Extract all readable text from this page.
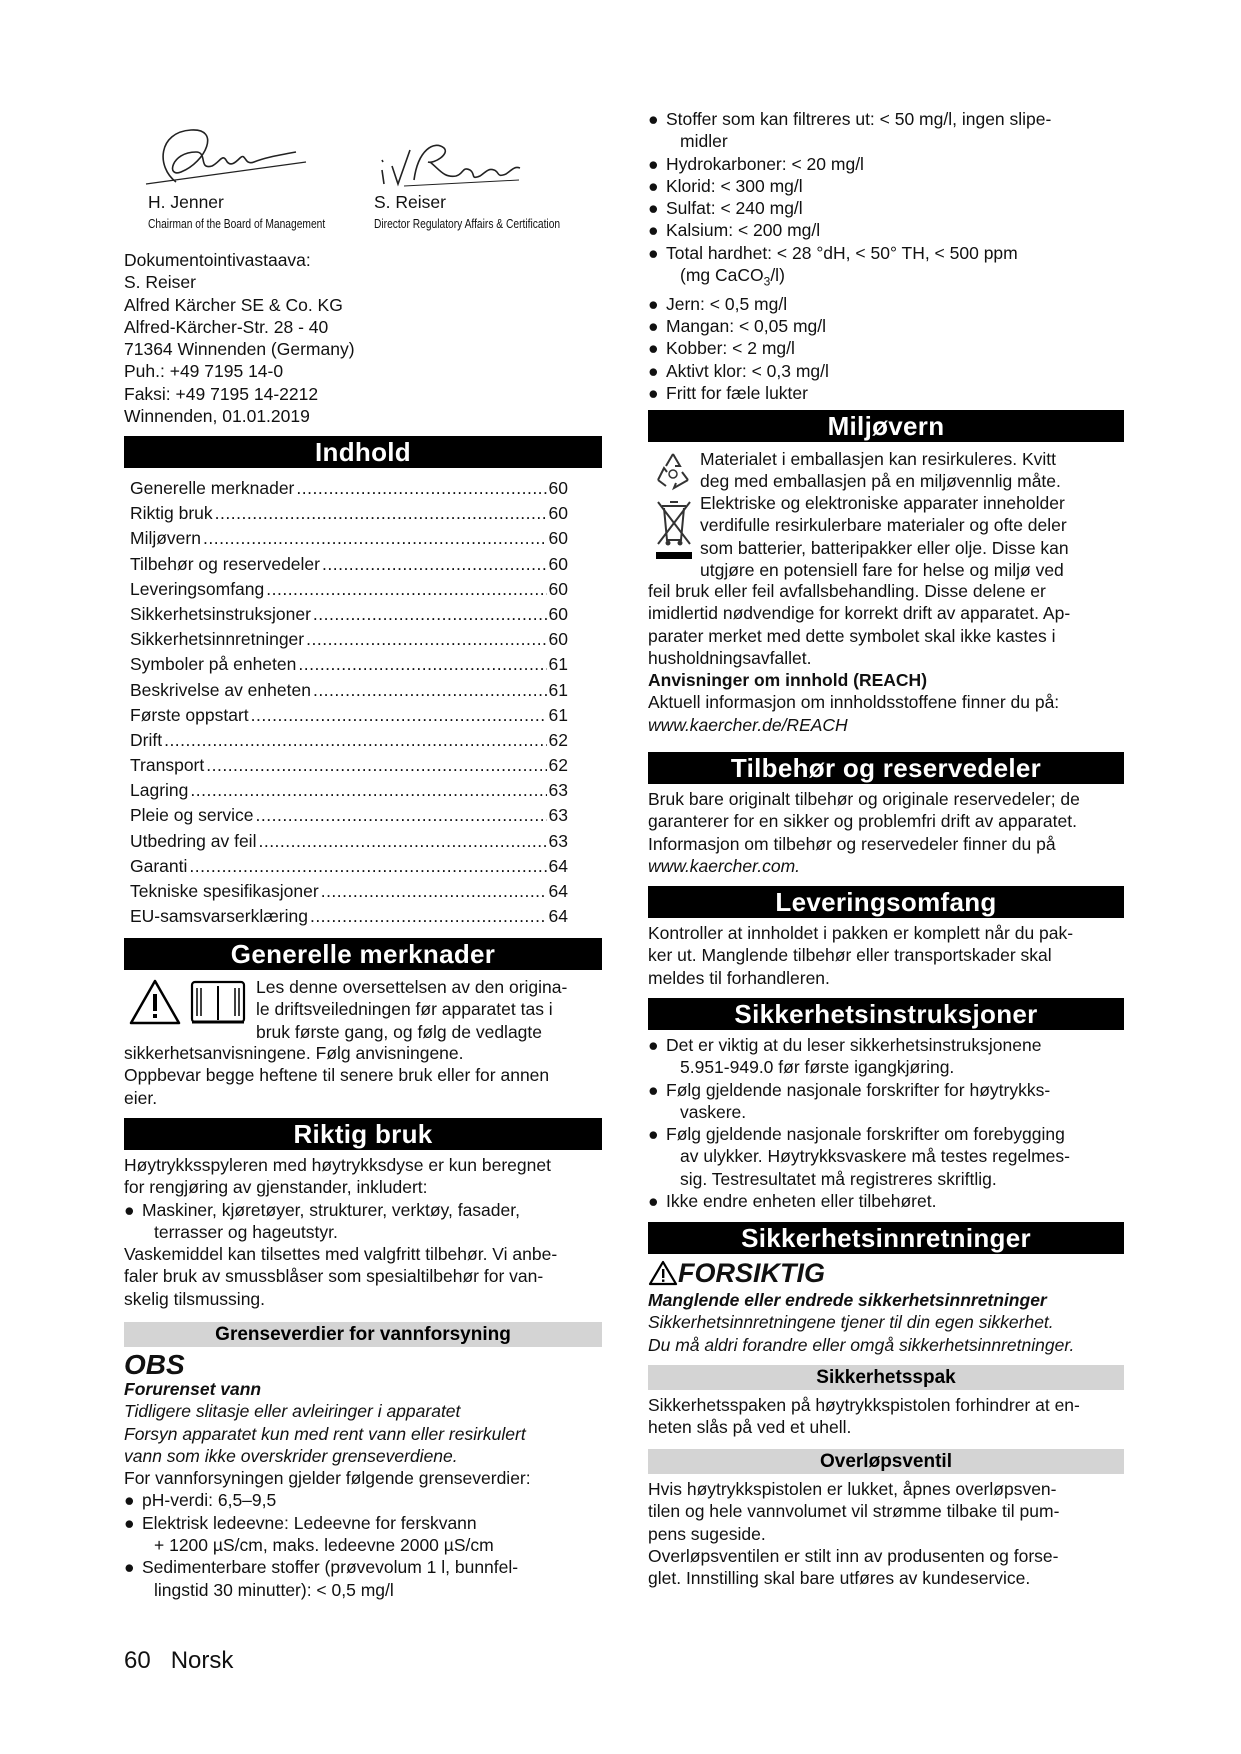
H. Jenner
Chairman of the Board of Management
S. Reiser
Director Regulatory Affairs & Certification
Dokumentointivastaava:
S. Reiser
Alfred Kärcher SE & Co. KG
Alfred-Kärcher-Str. 28 - 40
71364 Winnenden (Germany)
Puh.: +49 7195 14-0
Faksi: +49 7195 14-2212
Winnenden, 01.01.2019
Indhold
Generelle merknader .....	60
Riktig bruk .....	60
Miljøvern .....	60
Tilbehør og reservedeler .....	60
Leveringsomfang .....	60
Sikkerhetsinstruksjoner .....	60
Sikkerhetsinnretninger .....	60
Symboler på enheten .....	61
Beskrivelse av enheten .....	61
Første oppstart .....	61
Drift .....	62
Transport .....	62
Lagring .....	63
Pleie og service .....	63
Utbedring av feil .....	63
Garanti .....	64
Tekniske spesifikasjoner .....	64
EU-samsvarserklæring .....	64
Generelle merknader
Les denne oversettelsen av den origina-
le driftsveiledningen før apparatet tas i
bruk første gang, og følg de vedlagte
sikkerhetsanvisningene. Følg anvisningene.
Oppbevar begge heftene til senere bruk eller for annen
eier.
Riktig bruk
Høytrykksspyleren med høytrykksdyse er kun beregnet
for rengjøring av gjenstander, inkludert:
● Maskiner, kjøretøyer, strukturer, verktøy, fasader,
terrasser og hageutstyr.
Vaskemiddel kan tilsettes med valgfritt tilbehør. Vi anbe-
faler bruk av smussblåser som spesialtilbehør for van-
skelig tilsmussing.
Grenseverdier for vannforsyning
OBS
Forurenset vann
Tidligere slitasje eller avleiringer i apparatet
Forsyn apparatet kun med rent vann eller resirkulert
vann som ikke overskrider grenseverdiene.
For vannforsyningen gjelder følgende grenseverdier:
● pH-verdi: 6,5–9,5
● Elektrisk ledeevne: Ledeevne for ferskvann
+ 1200 µS/cm, maks. ledeevne 2000 µS/cm
● Sedimenterbare stoffer (prøvevolum 1 l, bunnfel-
lingstid 30 minutter): < 0,5 mg/l
● Stoffer som kan filtreres ut: < 50 mg/l, ingen slipe-
midler
● Hydrokarboner: < 20 mg/l
● Klorid: < 300 mg/l
● Sulfat: < 240 mg/l
● Kalsium: < 200 mg/l
● Total hardhet: < 28 °dH, < 50° TH, < 500 ppm
(mg CaCO$_3$/l)
● Jern: < 0,5 mg/l
● Mangan: < 0,05 mg/l
● Kobber: < 2 mg/l
● Aktivt klor: < 0,3 mg/l
● Fritt for fæle lukter
Miljøvern
Materialet i emballasjen kan resirkuleres. Kvitt
deg med emballasjen på en miljøvennlig måte.
Elektriske og elektroniske apparater inneholder
verdifulle resirkulerbare materialer og ofte deler
som batterier, batteripakker eller olje. Disse kan
utgjøre en potensiell fare for helse og miljø ved
feil bruk eller feil avfallsbehandling. Disse delene er
imidlertid nødvendige for korrekt drift av apparatet. Ap-
parater merket med dette symbolet skal ikke kastes i
husholdningsavfallet.
Anvisninger om innhold (REACH)
Aktuell informasjon om innholdsstoffene finner du på:
www.kaercher.de/REACH
Tilbehør og reservedeler
Bruk bare originalt tilbehør og originale reservedeler; de
garanterer for en sikker og problemfri drift av apparatet.
Informasjon om tilbehør og reservedeler finner du på
www.kaercher.com.
Leveringsomfang
Kontroller at innholdet i pakken er komplett når du pak-
ker ut. Manglende tilbehør eller transportskader skal
meldes til forhandleren.
Sikkerhetsinstruksjoner
● Det er viktig at du leser sikkerhetsinstruksjonene
5.951-949.0 før første igangkjøring.
● Følg gjeldende nasjonale forskrifter for høytrykks-
vaskere.
● Følg gjeldende nasjonale forskrifter om forebygging
av ulykker. Høytrykksvaskere må testes regelmes-
sig. Testresultatet må registreres skriftlig.
● Ikke endre enheten eller tilbehøret.
Sikkerhetsinnretninger
FORSIKTIG
Manglende eller endrede sikkerhetsinnretninger
Sikkerhetsinnretningene tjener til din egen sikkerhet.
Du må aldri forandre eller omgå sikkerhetsinnretninger.
Sikkerhetsspak
Sikkerhetsspaken på høytrykkspistolen forhindrer at en-
heten slås på ved et uhell.
Overløpsventil
Hvis høytrykkspistolen er lukket, åpnes overløpsven-
tilen og hele vannvolumet vil strømme tilbake til pum-
pens sugeside.
Overløpsventilen er stilt inn av produsenten og forse-
glet. Innstilling skal bare utføres av kundeservice.
60 Norsk
